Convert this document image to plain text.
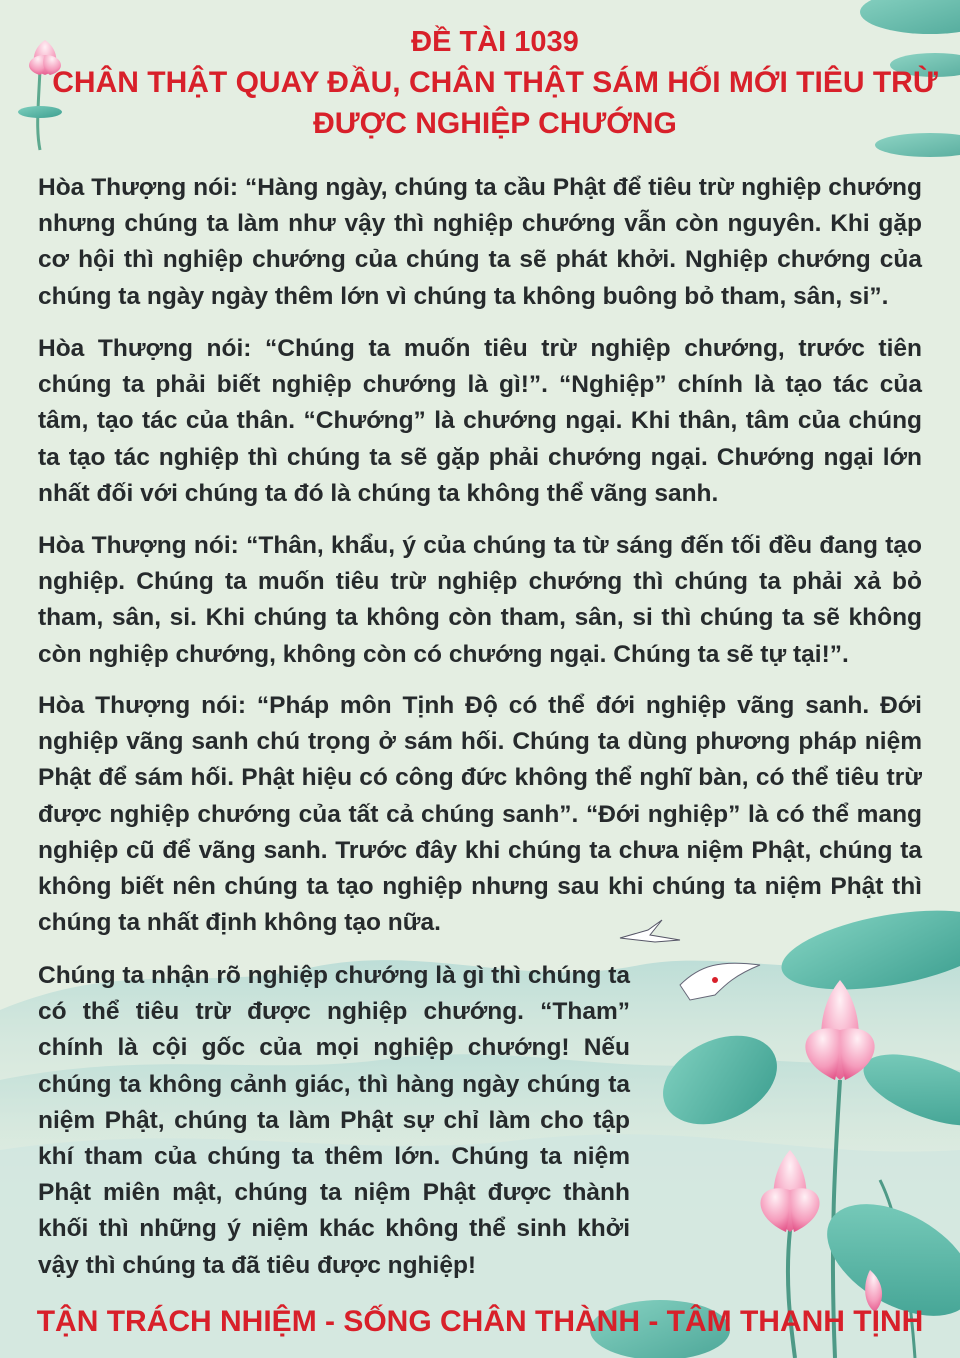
ĐỀ TÀI 1039
CHÂN THẬT QUAY ĐẦU, CHÂN THẬT SÁM HỐI MỚI TIÊU TRỪ
ĐƯỢC NGHIỆP CHƯỚNG

Hòa Thượng nói: “Hàng ngày, chúng ta cầu Phật để tiêu trừ nghiệp chướng nhưng chúng ta làm như vậy thì nghiệp chướng vẫn còn nguyên. Khi gặp cơ hội thì nghiệp chướng của chúng ta sẽ phát khởi. Nghiệp chướng của chúng ta ngày ngày thêm lớn vì chúng ta không buông bỏ tham, sân, si”.

Hòa Thượng nói: “Chúng ta muốn tiêu trừ nghiệp chướng, trước tiên chúng ta phải biết nghiệp chướng là gì!”. “Nghiệp” chính là tạo tác của tâm, tạo tác của thân. “Chướng” là chướng ngại. Khi thân, tâm của chúng ta tạo tác nghiệp thì chúng ta sẽ gặp phải chướng ngại. Chướng ngại lớn nhất đối với chúng ta đó là chúng ta không thể vãng sanh.

Hòa Thượng nói: “Thân, khẩu, ý của chúng ta từ sáng đến tối đều đang tạo nghiệp. Chúng ta muốn tiêu trừ nghiệp chướng thì chúng ta phải xả bỏ tham, sân, si. Khi chúng ta không còn tham, sân, si thì chúng ta sẽ không còn nghiệp chướng, không còn có chướng ngại. Chúng ta sẽ tự tại!”.

Hòa Thượng nói: “Pháp môn Tịnh Độ có thể đới nghiệp vãng sanh. Đới nghiệp vãng sanh chú trọng ở sám hối. Chúng ta dùng phương pháp niệm Phật để sám hối. Phật hiệu có công đức không thể nghĩ bàn, có thể tiêu trừ được nghiệp chướng của tất cả chúng sanh”. “Đới nghiệp” là có thể mang nghiệp cũ để vãng sanh. Trước đây khi chúng ta chưa niệm Phật, chúng ta không biết nên chúng ta tạo nghiệp nhưng sau khi chúng ta niệm Phật thì chúng ta nhất định không tạo nữa.

Chúng ta nhận rõ nghiệp chướng là gì thì chúng ta có thể tiêu trừ được nghiệp chướng. “Tham” chính là cội gốc của mọi nghiệp chướng! Nếu chúng ta không cảnh giác, thì hàng ngày chúng ta niệm Phật, chúng ta làm Phật sự chỉ làm cho tập khí tham của chúng ta thêm lớn. Chúng ta niệm Phật miên mật, chúng ta niệm Phật được thành khối thì những ý niệm khác không thể sinh khởi vậy thì chúng ta đã tiêu được nghiệp!

TẬN TRÁCH NHIỆM - SỐNG CHÂN THÀNH - TÂM THANH TỊNH
